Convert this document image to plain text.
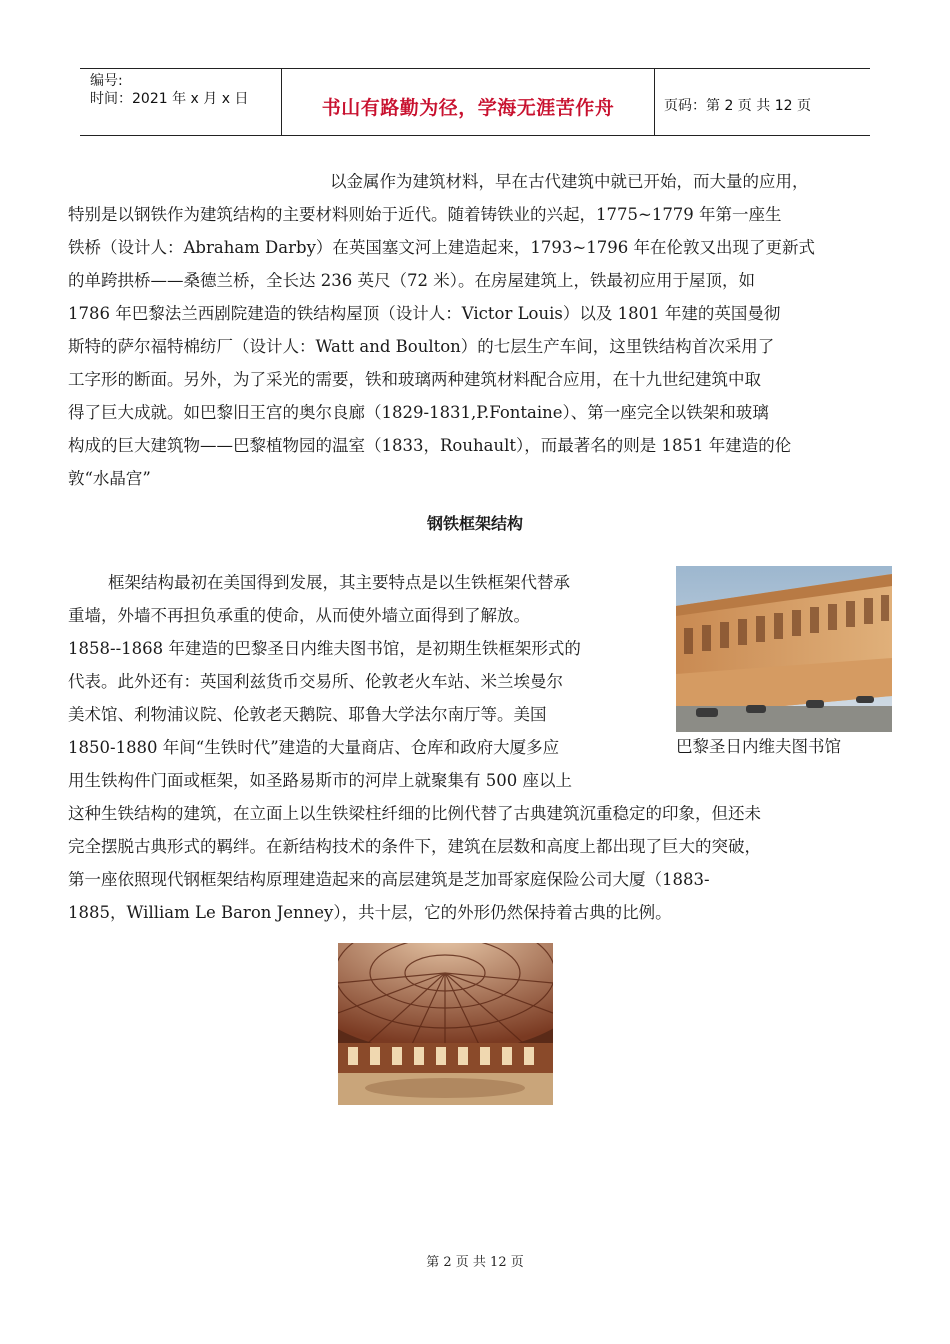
编号:
时间：2021 年 x 月 x 日	书山有路勤为径，学海无涯苦作舟	页码：第 2 页 共 12 页
以金属作为建筑材料，早在古代建筑中就已开始，而大量的应用，
特别是以钢铁作为建筑结构的主要材料则始于近代。随着铸铁业的兴起，1775~1779 年第一座生
铁桥（设计人：Abraham Darby）在英国塞文河上建造起来，1793~1796 年在伦敦又出现了更新式
的单跨拱桥——桑德兰桥，全长达 236 英尺（72 米）。在房屋建筑上，铁最初应用于屋顶，如
1786 年巴黎法兰西剧院建造的铁结构屋顶（设计人：Victor Louis）以及 1801 年建的英国曼彻
斯特的萨尔福特棉纺厂（设计人：Watt and Boulton）的七层生产车间，这里铁结构首次采用了
工字形的断面。另外，为了采光的需要，铁和玻璃两种建筑材料配合应用，在十九世纪建筑中取
得了巨大成就。如巴黎旧王宫的奥尔良廊（1829-1831,P.Fontaine）、第一座完全以铁架和玻璃
构成的巨大建筑物——巴黎植物园的温室（1833，Rouhault），而最著名的则是 1851 年建造的伦
敦“水晶宫”
钢铁框架结构
框架结构最初在美国得到发展，其主要特点是以生铁框架代替承
重墙，外墙不再担负承重的使命，从而使外墙立面得到了解放。
1858--1868 年建造的巴黎圣日内维夫图书馆，是初期生铁框架形式的
代表。此外还有：英国利兹货币交易所、伦敦老火车站、米兰埃曼尔
美术馆、利物浦议院、伦敦老天鹅院、耶鲁大学法尔南厅等。美国
1850-1880 年间“生铁时代”建造的大量商店、仓库和政府大厦多应
用生铁构件门面或框架，如圣路易斯市的河岸上就聚集有 500 座以上
这种生铁结构的建筑，在立面上以生铁梁柱纤细的比例代替了古典建筑沉重稳定的印象，但还未
完全摆脱古典形式的羁绊。在新结构技术的条件下，建筑在层数和高度上都出现了巨大的突破，
第一座依照现代钢框架结构原理建造起来的高层建筑是芝加哥家庭保险公司大厦（1883-
1885，William Le Baron Jenney），共十层，它的外形仍然保持着古典的比例。
巴黎圣日内维夫图书馆
第 2 页 共 12 页
